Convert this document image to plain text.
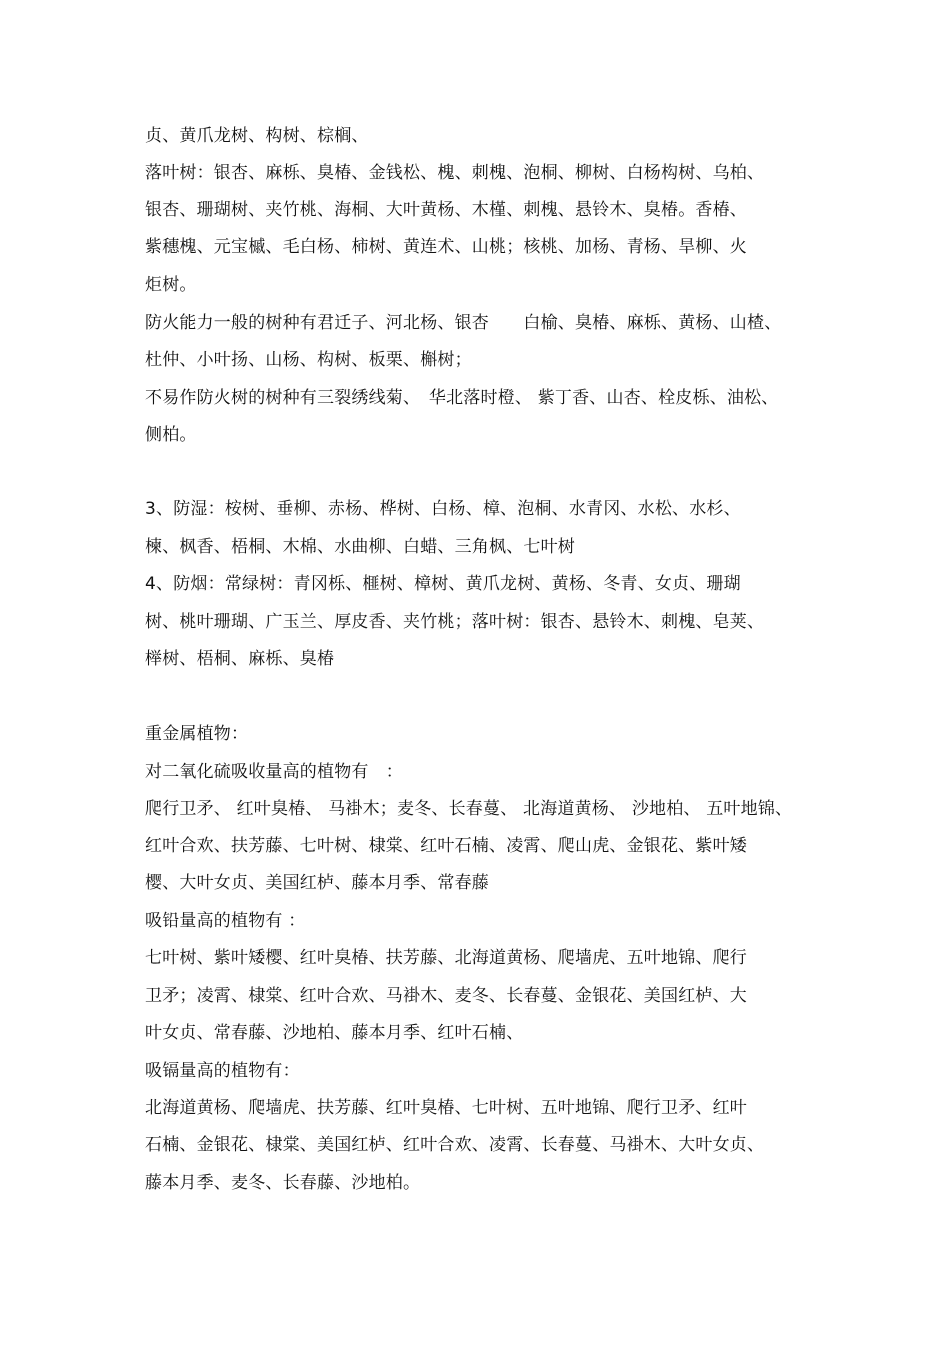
贞、黄爪龙树、构树、棕榈、
落叶树：银杏、麻栎、臭椿、金钱松、槐、刺槐、泡桐、柳树、白杨构树、乌柏、
银杏、珊瑚树、夹竹桃、海桐、大叶黄杨、木槿、刺槐、悬铃木、臭椿。香椿、
紫穗槐、元宝槭、毛白杨、柿树、黄连术、山桃；核桃、加杨、青杨、旱柳、火
炬树。
防火能力一般的树种有君迁子、河北杨、银杏　　白榆、臭椿、麻栎、黄杨、山楂、
杜仲、小叶扬、山杨、构树、板栗、槲树；
不易作防火树的树种有三裂绣线菊、　华北落时橙、 紫丁香、山杏、栓皮栎、油松、
侧柏。
3、防湿：桉树、垂柳、赤杨、桦树、白杨、樟、泡桐、水青冈、水松、水杉、
楝、枫香、梧桐、木棉、水曲柳、白蜡、三角枫、七叶树
4、防烟：常绿树：青冈栎、榧树、樟树、黄爪龙树、黄杨、冬青、女贞、珊瑚
树、桃叶珊瑚、广玉兰、厚皮香、夹竹桃；落叶树：银杏、悬铃木、刺槐、皂荚、
榉树、梧桐、麻栎、臭椿
重金属植物：
对二氧化硫吸收量高的植物有　：
爬行卫矛、 红叶臭椿、 马褂木；麦冬、长春蔓、 北海道黄杨、 沙地柏、 五叶地锦、
红叶合欢、扶芳藤、七叶树、棣棠、红叶石楠、凌霄、爬山虎、金银花、紫叶矮
樱、大叶女贞、美国红栌、藤本月季、常春藤
吸铅量高的植物有 ：
七叶树、紫叶矮樱、红叶臭椿、扶芳藤、北海道黄杨、爬墙虎、五叶地锦、爬行
卫矛；凌霄、棣棠、红叶合欢、马褂木、麦冬、长春蔓、金银花、美国红栌、大
叶女贞、常春藤、沙地柏、藤本月季、红叶石楠、
吸镉量高的植物有：
北海道黄杨、爬墙虎、扶芳藤、红叶臭椿、七叶树、五叶地锦、爬行卫矛、红叶
石楠、金银花、棣棠、美国红栌、红叶合欢、凌霄、长春蔓、马褂木、大叶女贞、
藤本月季、麦冬、长春藤、沙地柏。
